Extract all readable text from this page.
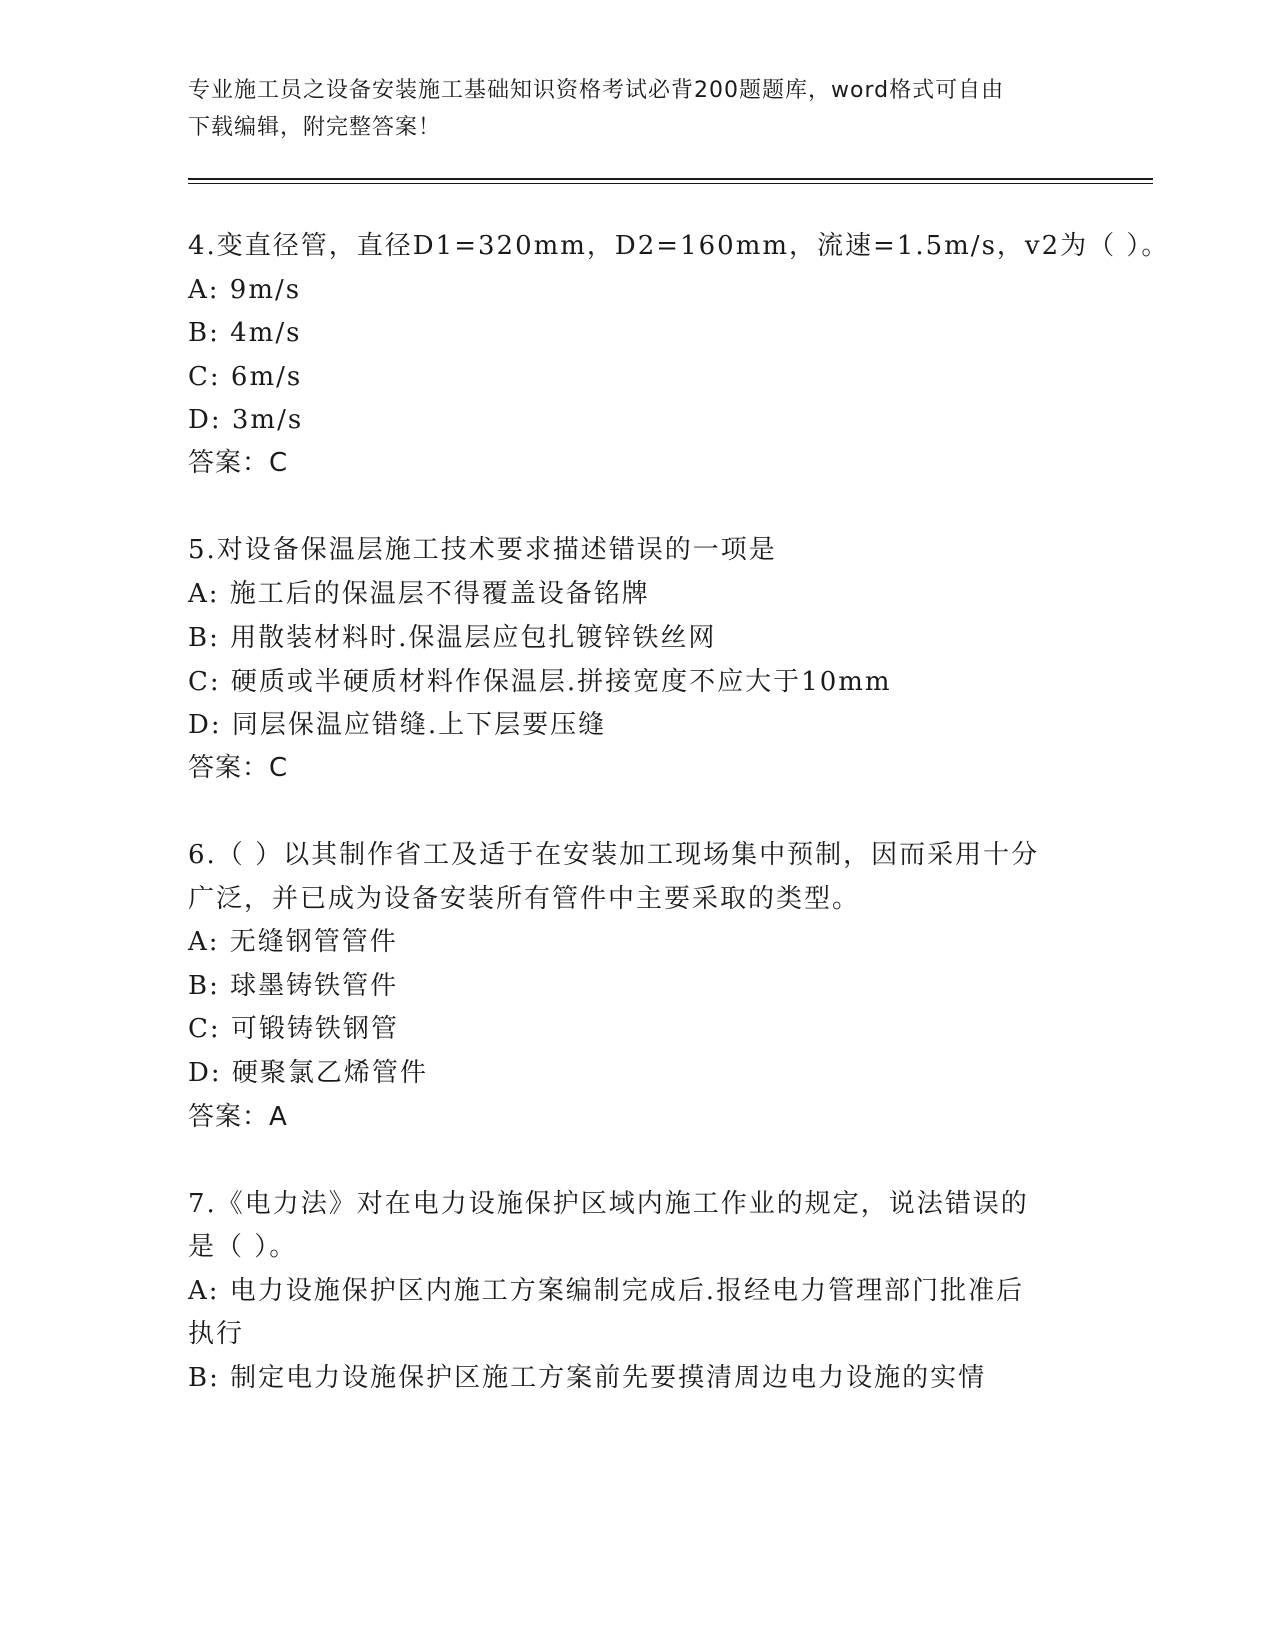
专业施工员之设备安装施工基础知识资格考试必背200题题库，word格式可自由
下载编辑，附完整答案！
4.变直径管，直径D1=320mm，D2=160mm，流速=1.5m/s，v2为（ ）。
A: 9m/s
B: 4m/s
C: 6m/s
D: 3m/s
答案：C
5.对设备保温层施工技术要求描述错误的一项是
A: 施工后的保温层不得覆盖设备铭牌
B: 用散装材料时.保温层应包扎镀锌铁丝网
C: 硬质或半硬质材料作保温层.拼接宽度不应大于10mm
D: 同层保温应错缝.上下层要压缝
答案：C
6.（ ）以其制作省工及适于在安装加工现场集中预制，因而采用十分
广泛，并已成为设备安装所有管件中主要采取的类型。
A: 无缝钢管管件
B: 球墨铸铁管件
C: 可锻铸铁钢管
D: 硬聚氯乙烯管件
答案：A
7.《电力法》对在电力设施保护区域内施工作业的规定，说法错误的
是（ ）。
A: 电力设施保护区内施工方案编制完成后.报经电力管理部门批准后
执行
B: 制定电力设施保护区施工方案前先要摸清周边电力设施的实情
